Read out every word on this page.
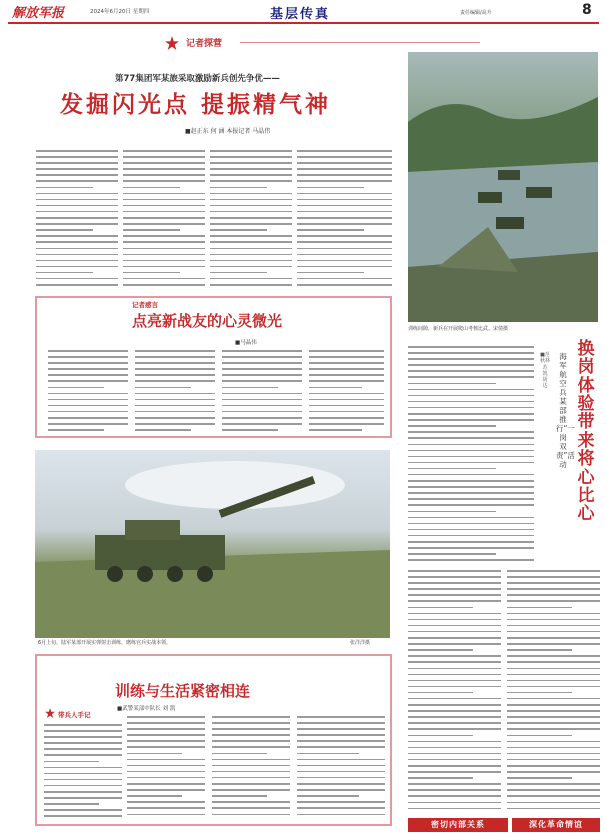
解放军报	2024年6月20日 星期四	基层传真	责任编辑/高升	8
记者探营
第77集团军某旅采取激励新兵创先争优——
发掘闪光点 提振精气神
■赵正东 何 涵 本报记者 马晶伟
训练间隙，新兵在开展爬山考核比武。宋倩摄
记者感言
点亮新战友的心灵微光
■马晶伟
6月上旬，陆军某部开展实弹射击训练，磨练官兵实战本领。	张洋洋摄
训练与生活紧密相连
■武警某部中队长 刘 凯
带兵人手记
换岗体验带来将心比心
海军航空兵某部推行“一岗双责”活动
■范秋林 苏 凯 胡 达
密切内部关系	深化革命情谊
